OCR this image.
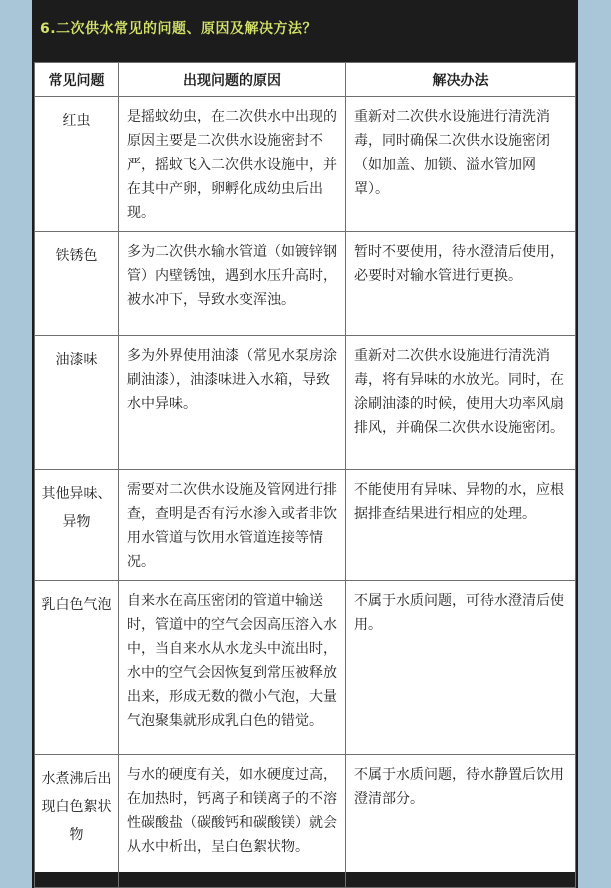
6.二次供水常见的问题、原因及解决方法？
常见问题	出现问题的原因	解决办法
红虫	是摇蚊幼虫，在二次供水中出现的原因主要是二次供水设施密封不严，摇蚊飞入二次供水设施中，并在其中产卵，卵孵化成幼虫后出现。	重新对二次供水设施进行清洗消毒，同时确保二次供水设施密闭（如加盖、加锁、溢水管加网罩）。
铁锈色	多为二次供水输水管道（如镀锌钢管）内壁锈蚀，遇到水压升高时，被水冲下，导致水变浑浊。	暂时不要使用，待水澄清后使用，必要时对输水管进行更换。
油漆味	多为外界使用油漆（常见水泵房涂刷油漆），油漆味进入水箱，导致水中异味。	重新对二次供水设施进行清洗消毒，将有异味的水放光。同时，在涂刷油漆的时候，使用大功率风扇排风，并确保二次供水设施密闭。
其他异味、异物	需要对二次供水设施及管网进行排查，查明是否有污水渗入或者非饮用水管道与饮用水管道连接等情况。	不能使用有异味、异物的水，应根据排查结果进行相应的处理。
乳白色气泡	自来水在高压密闭的管道中输送时，管道中的空气会因高压溶入水中，当自来水从水龙头中流出时，水中的空气会因恢复到常压被释放出来，形成无数的微小气泡，大量气泡聚集就形成乳白色的错觉。	不属于水质问题，可待水澄清后使用。
水煮沸后出现白色絮状物	与水的硬度有关，如水硬度过高，在加热时，钙离子和镁离子的不溶性碳酸盐（碳酸钙和碳酸镁）就会从水中析出，呈白色絮状物。	不属于水质问题，待水静置后饮用澄清部分。
